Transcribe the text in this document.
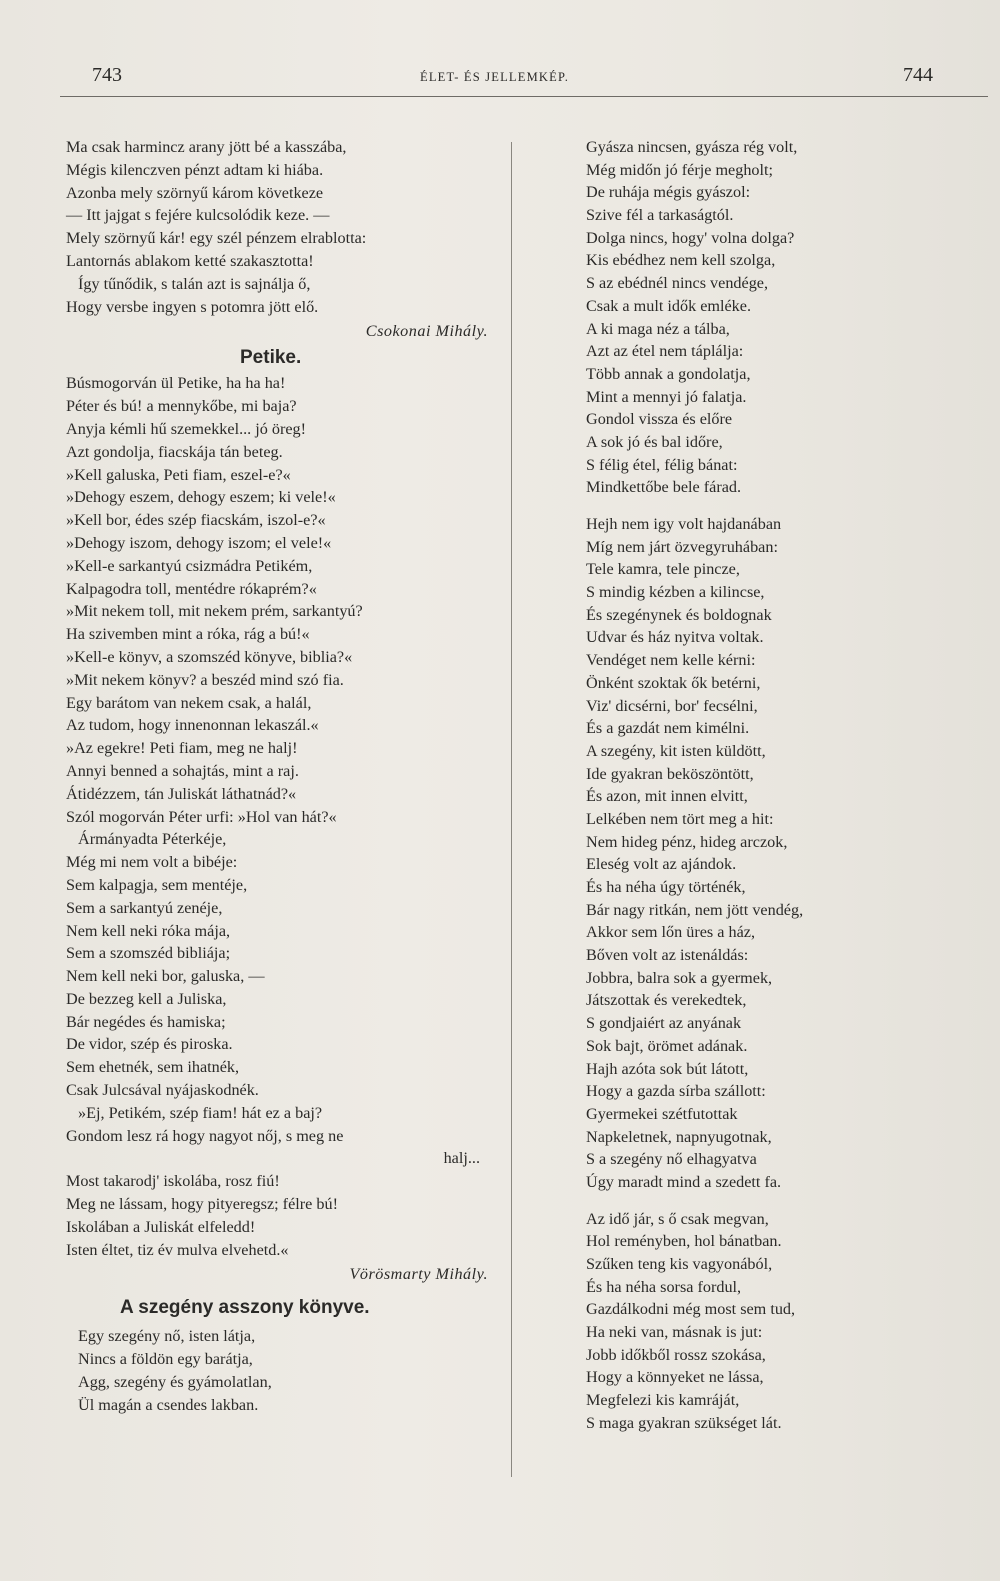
743	ÉLET- ÉS JELLEMKÉP.	744
Ma csak harmincz arany jött bé a kasszába,
Mégis kilenczven pénzt adtam ki hiába.
Azonba mely szörnyű károm következe
— Itt jajgat s fejére kulcsolódik keze. —
Mely szörnyű kár! egy szél pénzem elrablotta:
Lantornás ablakom ketté szakasztotta!
Így tűnődik, s talán azt is sajnálja ő,
Hogy versbe ingyen s potomra jött elő.
Csokonai Mihály.
Petike.
Búsmogorván ül Petike, ha ha ha!
Péter és bú! a mennykőbe, mi baja?
Anyja kémli hű szemekkel... jó öreg!
Azt gondolja, fiacskája tán beteg.
»Kell galuska, Peti fiam, eszel-e?«
»Dehogy eszem, dehogy eszem; ki vele!«
»Kell bor, édes szép fiacskám, iszol-e?«
»Dehogy iszom, dehogy iszom; el vele!«
»Kell-e sarkantyú csizmádra Petikém,
Kalpagodra toll, mentédre rókaprém?«
»Mit nekem toll, mit nekem prém, sarkantyú?
Ha szivemben mint a róka, rág a bú!«
»Kell-e könyv, a szomszéd könyve, biblia?«
»Mit nekem könyv? a beszéd mind szó fia.
Egy barátom van nekem csak, a halál,
Az tudom, hogy innenonnan lekaszál.«
»Az egekre! Peti fiam, meg ne halj!
Annyi benned a sohajtás, mint a raj.
Átidézzem, tán Juliskát láthatnád?«
Szól mogorván Péter urfi: »Hol van hát?«
Ármányadta Péterkéje,
Még mi nem volt a bibéje:
Sem kalpagja, sem mentéje,
Sem a sarkantyú zenéje,
Nem kell neki róka mája,
Sem a szomszéd bibliája;
Nem kell neki bor, galuska, —
De bezzeg kell a Juliska,
Bár negédes és hamiska;
De vidor, szép és piroska.
Sem ehetnék, sem ihatnék,
Csak Julcsával nyájaskodnék.
»Ej, Petikém, szép fiam! hát ez a baj?
Gondom lesz rá hogy nagyot nőj, s meg ne
halj...
Most takarodj' iskolába, rosz fiú!
Meg ne lássam, hogy pityeregsz; félre bú!
Iskolában a Juliskát elfeledd!
Isten éltet, tiz év mulva elvehetd.«
Vörösmarty Mihály.
A szegény asszony könyve.
Egy szegény nő, isten látja,
Nincs a földön egy barátja,
Agg, szegény és gyámolatlan,
Ül magán a csendes lakban.
Gyásza nincsen, gyásza rég volt,
Még midőn jó férje megholt;
De ruhája mégis gyászol:
Szive fél a tarkaságtól.
Dolga nincs, hogy' volna dolga?
Kis ebédhez nem kell szolga,
S az ebédnél nincs vendége,
Csak a mult idők emléke.
A ki maga néz a tálba,
Azt az étel nem táplálja:
Több annak a gondolatja,
Mint a mennyi jó falatja.
Gondol vissza és előre
A sok jó és bal időre,
S félig étel, félig bánat:
Mindkettőbe bele fárad.
Hejh nem igy volt hajdanában
Míg nem járt özvegyruhában:
Tele kamra, tele pincze,
S mindig kézben a kilincse,
És szegénynek és boldognak
Udvar és ház nyitva voltak.
Vendéget nem kelle kérni:
Önként szoktak ők betérni,
Viz' dicsérni, bor' fecsélni,
És a gazdát nem kimélni.
A szegény, kit isten küldött,
Ide gyakran beköszöntött,
És azon, mit innen elvitt,
Lelkében nem tört meg a hit:
Nem hideg pénz, hideg arczok,
Eleség volt az ajándok.
És ha néha úgy történék,
Bár nagy ritkán, nem jött vendég,
Akkor sem lőn üres a ház,
Bőven volt az istenáldás:
Jobbra, balra sok a gyermek,
Játszottak és verekedtek,
S gondjaiért az anyának
Sok bajt, örömet adának.
Hajh azóta sok bút látott,
Hogy a gazda sírba szállott:
Gyermekei szétfutottak
Napkeletnek, napnyugotnak,
S a szegény nő elhagyatva
Úgy maradt mind a szedett fa.
Az idő jár, s ő csak megvan,
Hol reményben, hol bánatban.
Szűken teng kis vagyonából,
És ha néha sorsa fordul,
Gazdálkodni még most sem tud,
Ha neki van, másnak is jut:
Jobb időkből rossz szokása,
Hogy a könnyeket ne lássa,
Megfelezi kis kamráját,
S maga gyakran szükséget lát.
